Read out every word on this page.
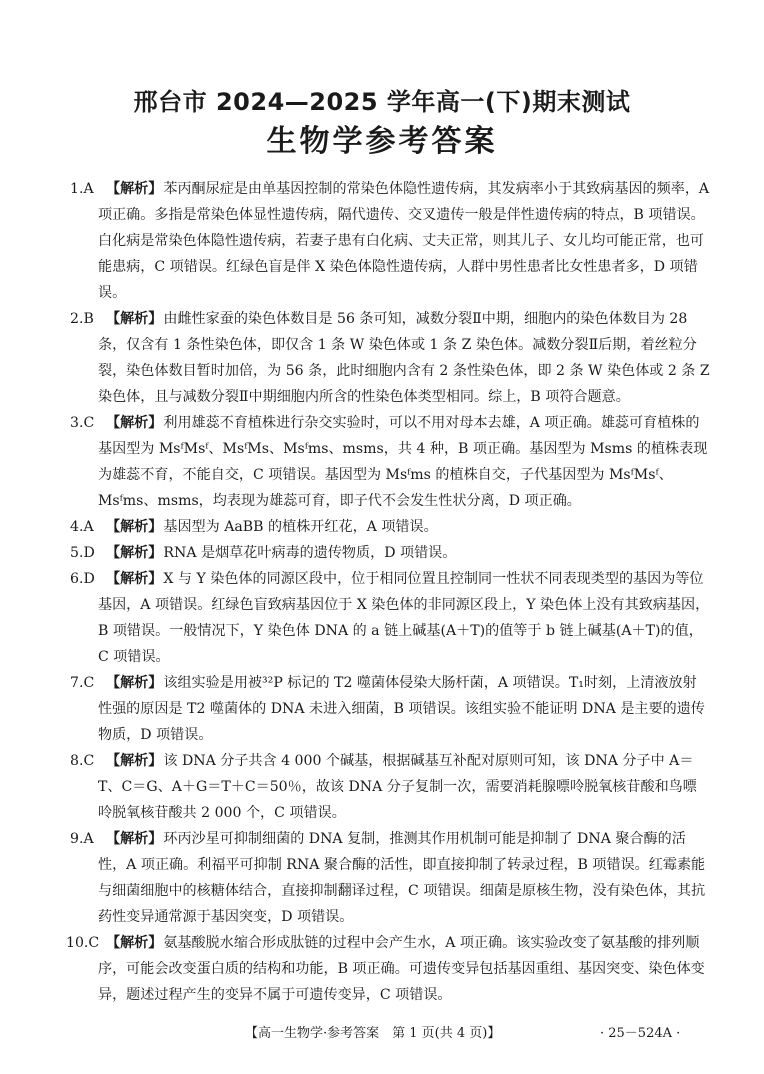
邢台市 2024—2025 学年高一(下)期末测试
生物学参考答案
1.A 【解析】苯丙酮尿症是由单基因控制的常染色体隐性遗传病，其发病率小于其致病基因的频率，A 项正确。多指是常染色体显性遗传病，隔代遗传、交叉遗传一般是伴性遗传病的特点，B 项错误。白化病是常染色体隐性遗传病，若妻子患有白化病、丈夫正常，则其儿子、女儿均可能正常，也可能患病，C 项错误。红绿色盲是伴 X 染色体隐性遗传病，人群中男性患者比女性患者多，D 项错误。
2.B 【解析】由雌性家蚕的染色体数目是 56 条可知，减数分裂Ⅱ中期，细胞内的染色体数目为 28 条，仅含有 1 条性染色体，即仅含 1 条 W 染色体或 1 条 Z 染色体。减数分裂Ⅱ后期，着丝粒分裂，染色体数目暂时加倍，为 56 条，此时细胞内含有 2 条性染色体，即 2 条 W 染色体或 2 条 Z 染色体，且与减数分裂Ⅱ中期细胞内所含的性染色体类型相同。综上，B 项符合题意。
3.C 【解析】利用雄蕊不育植株进行杂交实验时，可以不用对母本去雄，A 项正确。雄蕊可育植株的基因型为 MsᶠMsᶠ、MsᶠMs、Msᶠms、msms，共 4 种，B 项正确。基因型为 Msms 的植株表现为雄蕊不育，不能自交，C 项错误。基因型为 Msᶠms 的植株自交，子代基因型为 MsᶠMsᶠ、Msᶠms、msms，均表现为雄蕊可育，即子代不会发生性状分离，D 项正确。
4.A 【解析】基因型为 AaBB 的植株开红花，A 项错误。
5.D 【解析】RNA 是烟草花叶病毒的遗传物质，D 项错误。
6.D 【解析】X 与 Y 染色体的同源区段中，位于相同位置且控制同一性状不同表现类型的基因为等位基因，A 项错误。红绿色盲致病基因位于 X 染色体的非同源区段上，Y 染色体上没有其致病基因，B 项错误。一般情况下，Y 染色体 DNA 的 a 链上碱基(A＋T)的值等于 b 链上碱基(A＋T)的值，C 项错误。
7.C 【解析】该组实验是用被³²P 标记的 T2 噬菌体侵染大肠杆菌，A 项错误。T₁时刻，上清液放射性强的原因是 T2 噬菌体的 DNA 未进入细菌，B 项错误。该组实验不能证明 DNA 是主要的遗传物质，D 项错误。
8.C 【解析】该 DNA 分子共含 4 000 个碱基，根据碱基互补配对原则可知，该 DNA 分子中 A＝T、C＝G、A＋G＝T＋C＝50％，故该 DNA 分子复制一次，需要消耗腺嘌呤脱氧核苷酸和鸟嘌呤脱氧核苷酸共 2 000 个，C 项错误。
9.A 【解析】环丙沙星可抑制细菌的 DNA 复制，推测其作用机制可能是抑制了 DNA 聚合酶的活性，A 项正确。利福平可抑制 RNA 聚合酶的活性，即直接抑制了转录过程，B 项错误。红霉素能与细菌细胞中的核糖体结合，直接抑制翻译过程，C 项错误。细菌是原核生物，没有染色体，其抗药性变异通常源于基因突变，D 项错误。
10.C 【解析】氨基酸脱水缩合形成肽链的过程中会产生水，A 项正确。该实验改变了氨基酸的排列顺序，可能会改变蛋白质的结构和功能，B 项正确。可遗传变异包括基因重组、基因突变、染色体变异，题述过程产生的变异不属于可遗传变异，C 项错误。
【高一生物学·参考答案　第 1 页(共 4 页)】	· 25－524A ·
